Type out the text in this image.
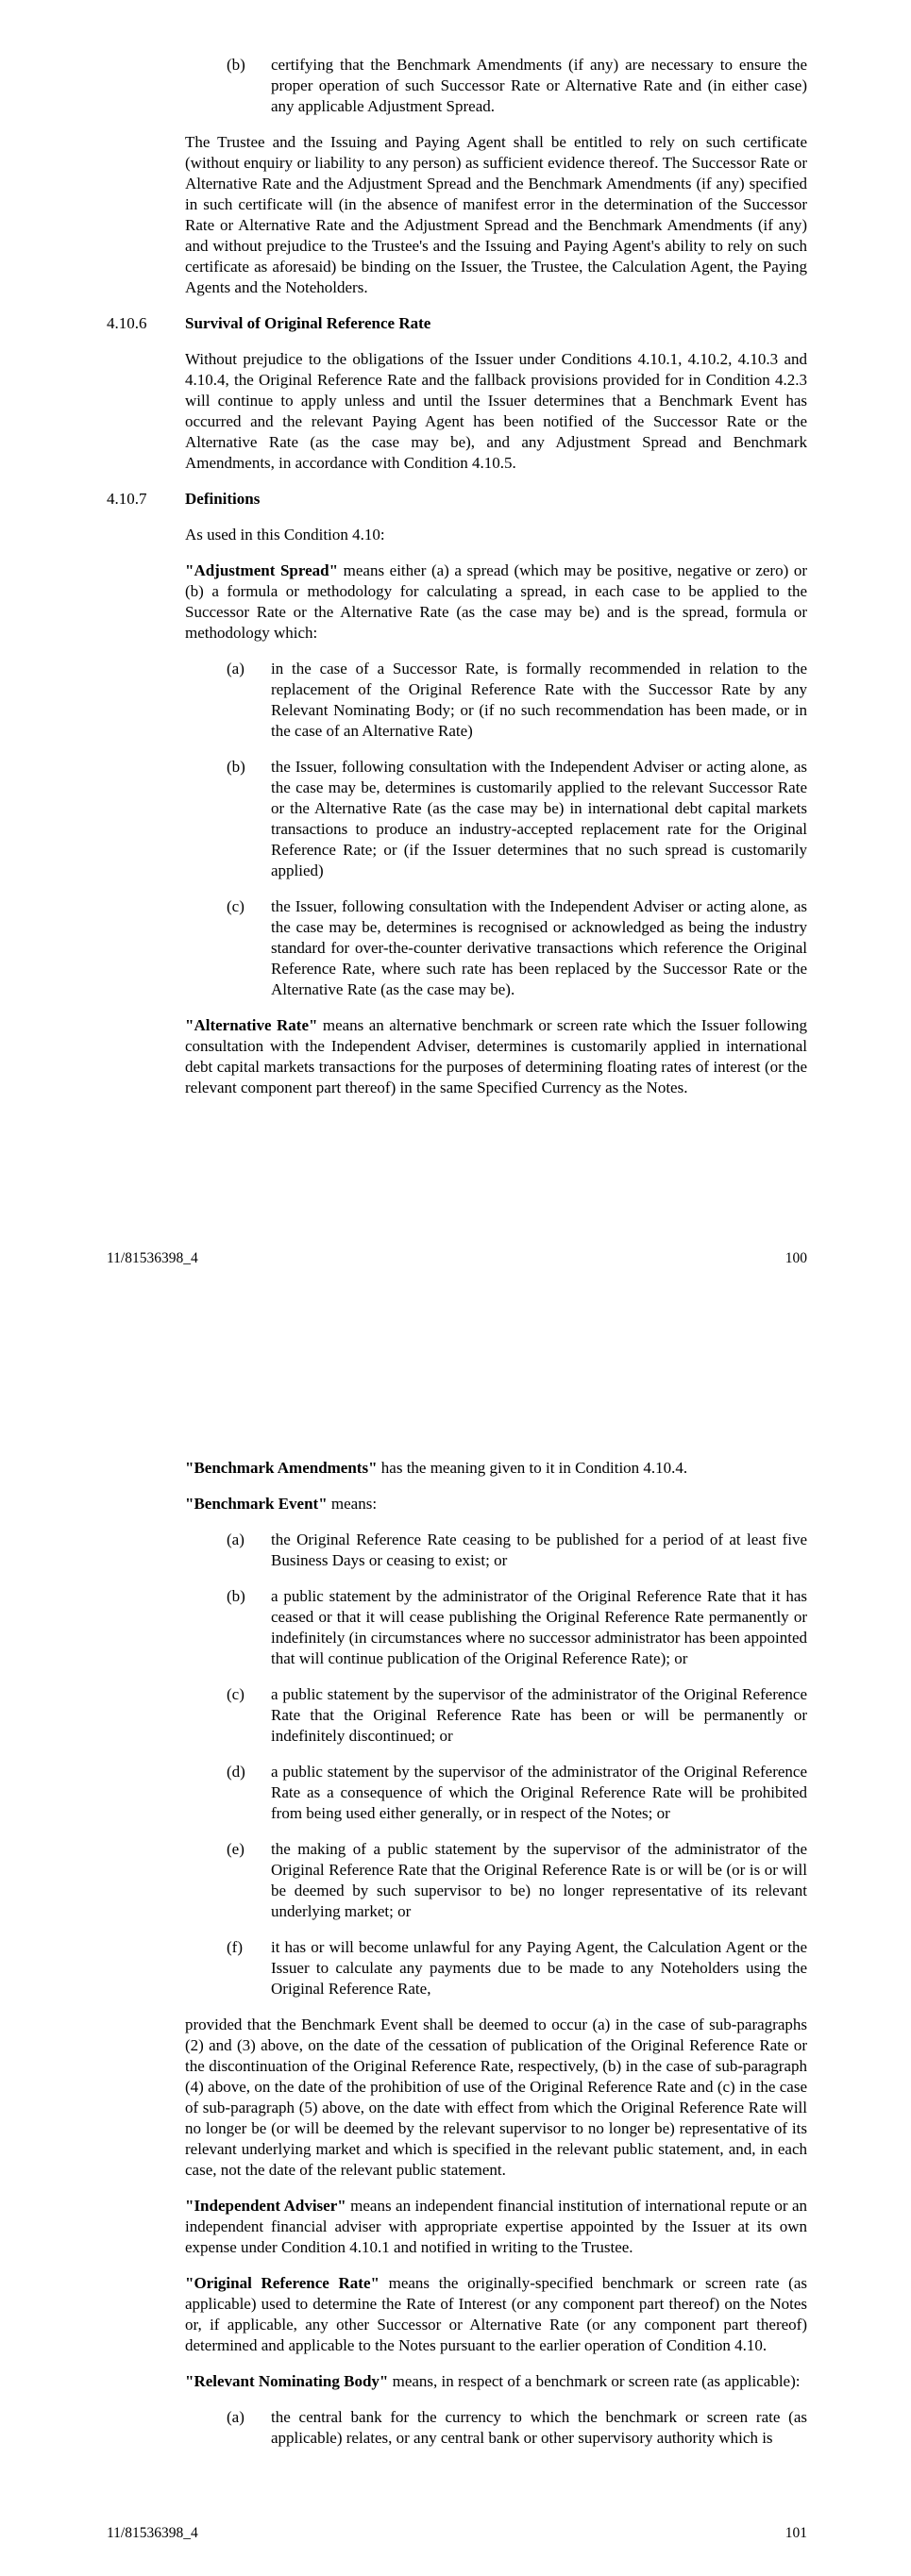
(b)	certifying that the Benchmark Amendments (if any) are necessary to ensure the proper operation of such Successor Rate or Alternative Rate and (in either case) any applicable Adjustment Spread.

The Trustee and the Issuing and Paying Agent shall be entitled to rely on such certificate (without enquiry or liability to any person) as sufficient evidence thereof. The Successor Rate or Alternative Rate and the Adjustment Spread and the Benchmark Amendments (if any) specified in such certificate will (in the absence of manifest error in the determination of the Successor Rate or Alternative Rate and the Adjustment Spread and the Benchmark Amendments (if any) and without prejudice to the Trustee's and the Issuing and Paying Agent's ability to rely on such certificate as aforesaid) be binding on the Issuer, the Trustee, the Calculation Agent, the Paying Agents and the Noteholders.

4.10.6	Survival of Original Reference Rate

Without prejudice to the obligations of the Issuer under Conditions 4.10.1, 4.10.2, 4.10.3 and 4.10.4, the Original Reference Rate and the fallback provisions provided for in Condition 4.2.3 will continue to apply unless and until the Issuer determines that a Benchmark Event has occurred and the relevant Paying Agent has been notified of the Successor Rate or the Alternative Rate (as the case may be), and any Adjustment Spread and Benchmark Amendments, in accordance with Condition 4.10.5.

4.10.7	Definitions

As used in this Condition 4.10:

"Adjustment Spread" means either (a) a spread (which may be positive, negative or zero) or (b) a formula or methodology for calculating a spread, in each case to be applied to the Successor Rate or the Alternative Rate (as the case may be) and is the spread, formula or methodology which:

(a)	in the case of a Successor Rate, is formally recommended in relation to the replacement of the Original Reference Rate with the Successor Rate by any Relevant Nominating Body; or (if no such recommendation has been made, or in the case of an Alternative Rate)
(b)	the Issuer, following consultation with the Independent Adviser or acting alone, as the case may be, determines is customarily applied to the relevant Successor Rate or the Alternative Rate (as the case may be) in international debt capital markets transactions to produce an industry-accepted replacement rate for the Original Reference Rate; or (if the Issuer determines that no such spread is customarily applied)
(c)	the Issuer, following consultation with the Independent Adviser or acting alone, as the case may be, determines is recognised or acknowledged as being the industry standard for over-the-counter derivative transactions which reference the Original Reference Rate, where such rate has been replaced by the Successor Rate or the Alternative Rate (as the case may be).

"Alternative Rate" means an alternative benchmark or screen rate which the Issuer following consultation with the Independent Adviser, determines is customarily applied in international debt capital markets transactions for the purposes of determining floating rates of interest (or the relevant component part thereof) in the same Specified Currency as the Notes.

11/81536398_4	100

"Benchmark Amendments" has the meaning given to it in Condition 4.10.4.

"Benchmark Event" means:

(a)	the Original Reference Rate ceasing to be published for a period of at least five Business Days or ceasing to exist; or
(b)	a public statement by the administrator of the Original Reference Rate that it has ceased or that it will cease publishing the Original Reference Rate permanently or indefinitely (in circumstances where no successor administrator has been appointed that will continue publication of the Original Reference Rate); or
(c)	a public statement by the supervisor of the administrator of the Original Reference Rate that the Original Reference Rate has been or will be permanently or indefinitely discontinued; or
(d)	a public statement by the supervisor of the administrator of the Original Reference Rate as a consequence of which the Original Reference Rate will be prohibited from being used either generally, or in respect of the Notes; or
(e)	the making of a public statement by the supervisor of the administrator of the Original Reference Rate that the Original Reference Rate is or will be (or is or will be deemed by such supervisor to be) no longer representative of its relevant underlying market; or
(f)	it has or will become unlawful for any Paying Agent, the Calculation Agent or the Issuer to calculate any payments due to be made to any Noteholders using the Original Reference Rate,

provided that the Benchmark Event shall be deemed to occur (a) in the case of sub-paragraphs (2) and (3) above, on the date of the cessation of publication of the Original Reference Rate or the discontinuation of the Original Reference Rate, respectively, (b) in the case of sub-paragraph (4) above, on the date of the prohibition of use of the Original Reference Rate and (c) in the case of sub-paragraph (5) above, on the date with effect from which the Original Reference Rate will no longer be (or will be deemed by the relevant supervisor to no longer be) representative of its relevant underlying market and which is specified in the relevant public statement, and, in each case, not the date of the relevant public statement.

"Independent Adviser" means an independent financial institution of international repute or an independent financial adviser with appropriate expertise appointed by the Issuer at its own expense under Condition 4.10.1 and notified in writing to the Trustee.

"Original Reference Rate" means the originally-specified benchmark or screen rate (as applicable) used to determine the Rate of Interest (or any component part thereof) on the Notes or, if applicable, any other Successor or Alternative Rate (or any component part thereof) determined and applicable to the Notes pursuant to the earlier operation of Condition 4.10.

"Relevant Nominating Body" means, in respect of a benchmark or screen rate (as applicable):

(a)	the central bank for the currency to which the benchmark or screen rate (as applicable) relates, or any central bank or other supervisory authority which is
11/81536398_4	101
